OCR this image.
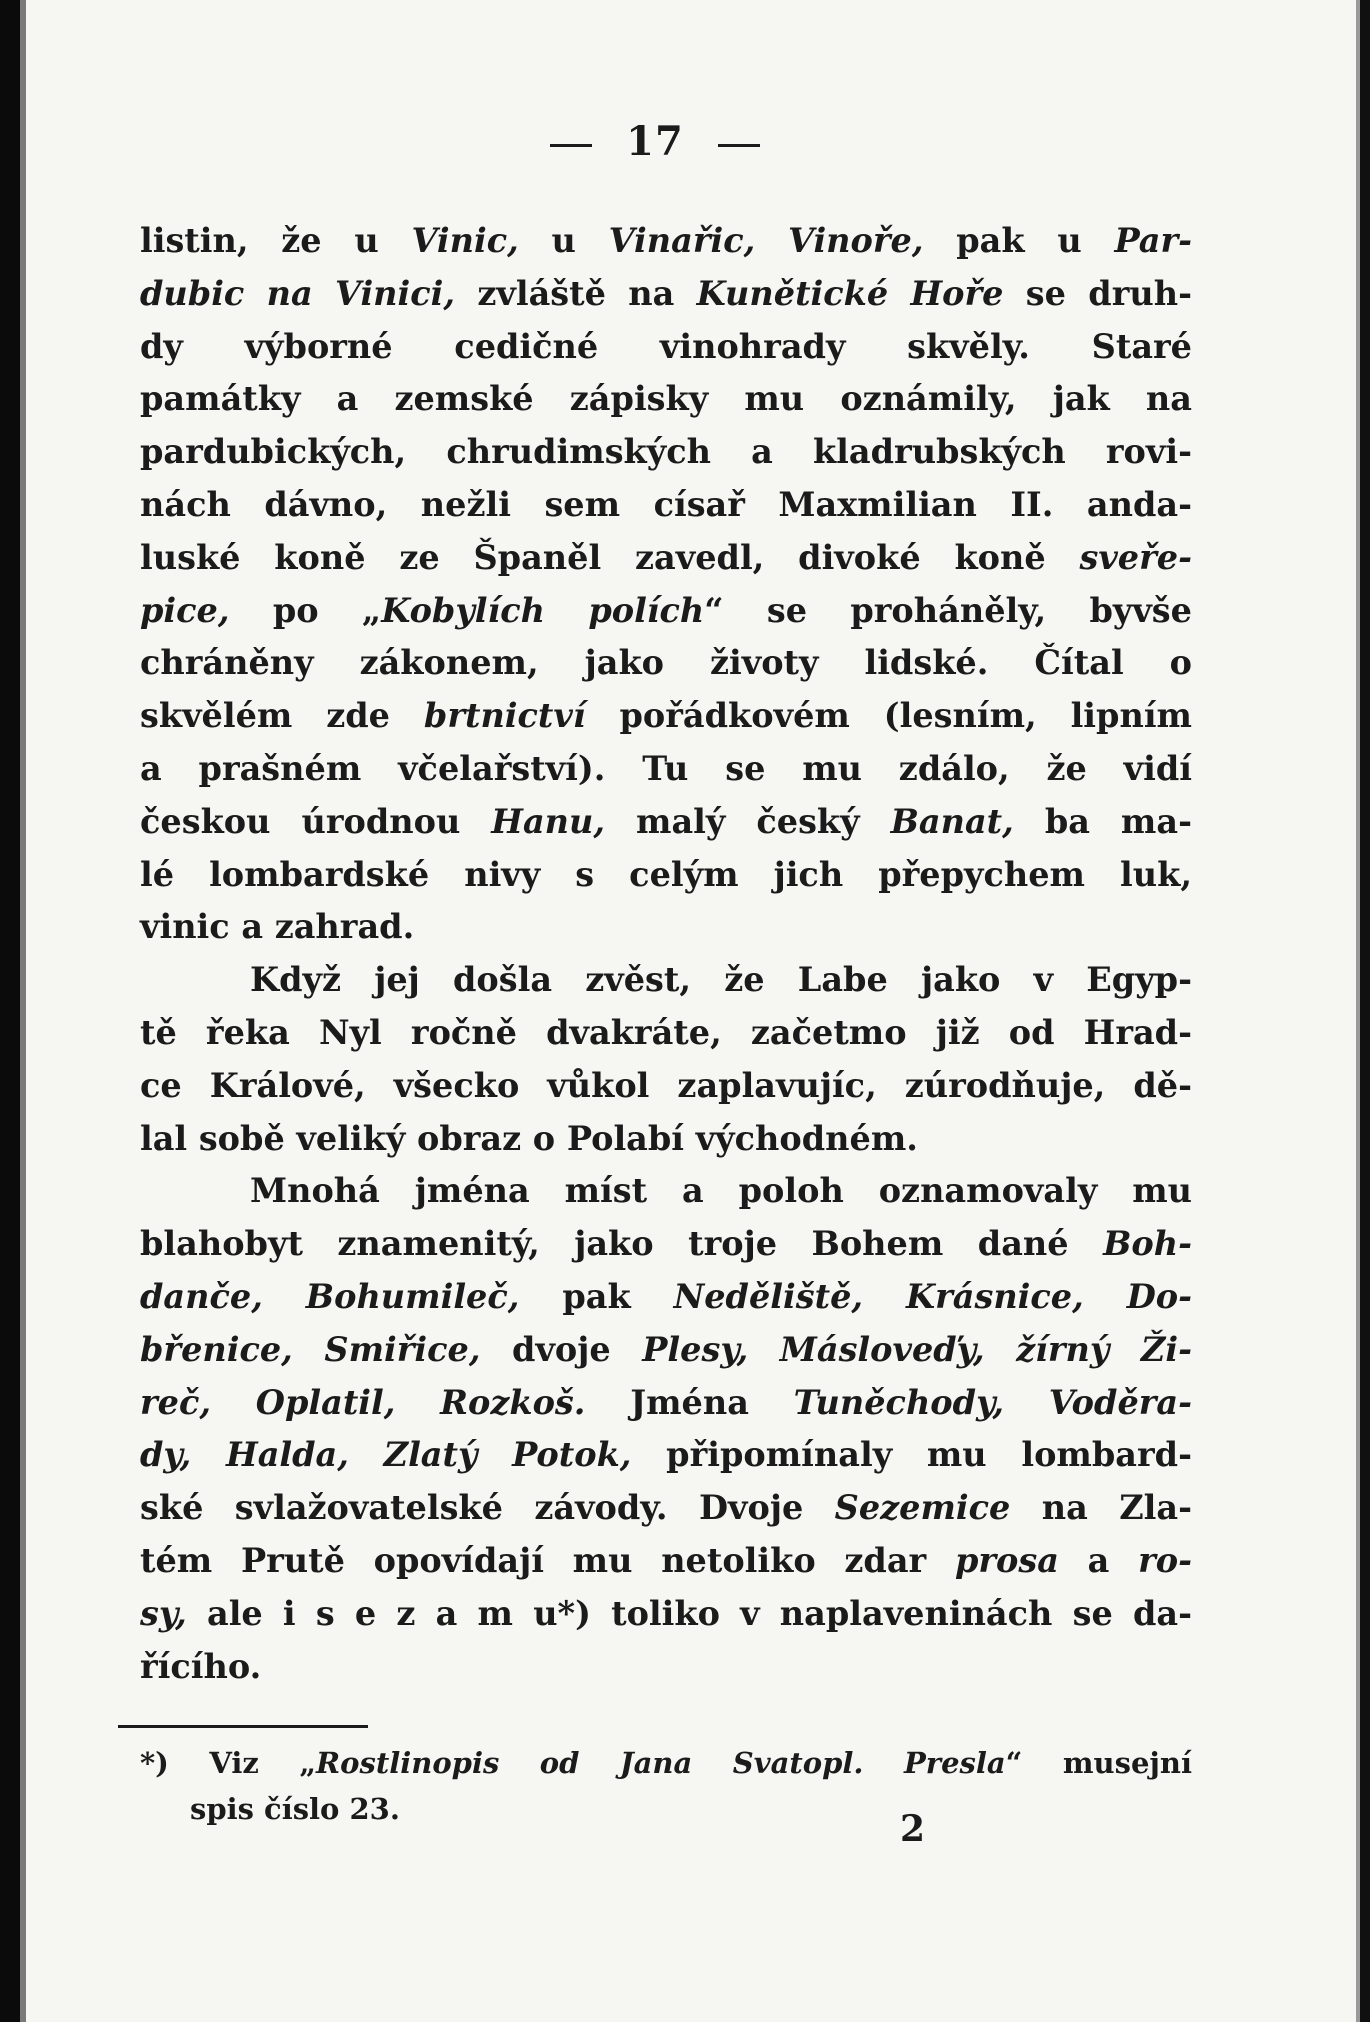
17
listin, že u Vinic, u Vinařic, Vinoře, pak u Par-
dubic na Vinici, zvláště na Kunětické Hoře se druh-
dy výborné cedičné vinohrady skvěly. Staré
památky a zemské zápisky mu oznámily, jak na
pardubických, chrudimských a kladrubských rovi-
nách dávno, nežli sem císař Maxmilian II. anda-
luské koně ze Španěl zavedl, divoké koně sveře-
pice, po „Kobylích polích“ se proháněly, byvše
chráněny zákonem, jako životy lidské. Čítal o
skvělém zde brtnictví pořádkovém (lesním, lipním
a prašném včelařství). Tu se mu zdálo, že vidí
českou úrodnou Hanu, malý český Banat, ba ma-
lé lombardské nivy s celým jich přepychem luk,
vinic a zahrad.
Když jej došla zvěst, že Labe jako v Egyp-
tě řeka Nyl ročně dvakráte, začetmo již od Hrad-
ce Králové, všecko vůkol zaplavujíc, zúrodňuje, dě-
lal sobě veliký obraz o Polabí východném.
Mnohá jména míst a poloh oznamovaly mu
blahobyt znamenitý, jako troje Bohem dané Boh-
danče, Bohumileč, pak Neděliště, Krásnice, Do-
břenice, Smiřice, dvoje Plesy, Másloveďy, žírný Ži-
reč, Oplatil, Rozkoš. Jména Tuněchody, Voděra-
dy, Halda, Zlatý Potok, připomínaly mu lombard-
ské svlažovatelské závody. Dvoje Sezemice na Zla-
tém Prutě opovídají mu netoliko zdar prosa a ro-
sy, ale i s e z a m u*) toliko v naplaveninách se da-
řícího.
*) Viz „Rostlinopis od Jana Svatopl. Presla“ musejní
spis číslo 23.	2
